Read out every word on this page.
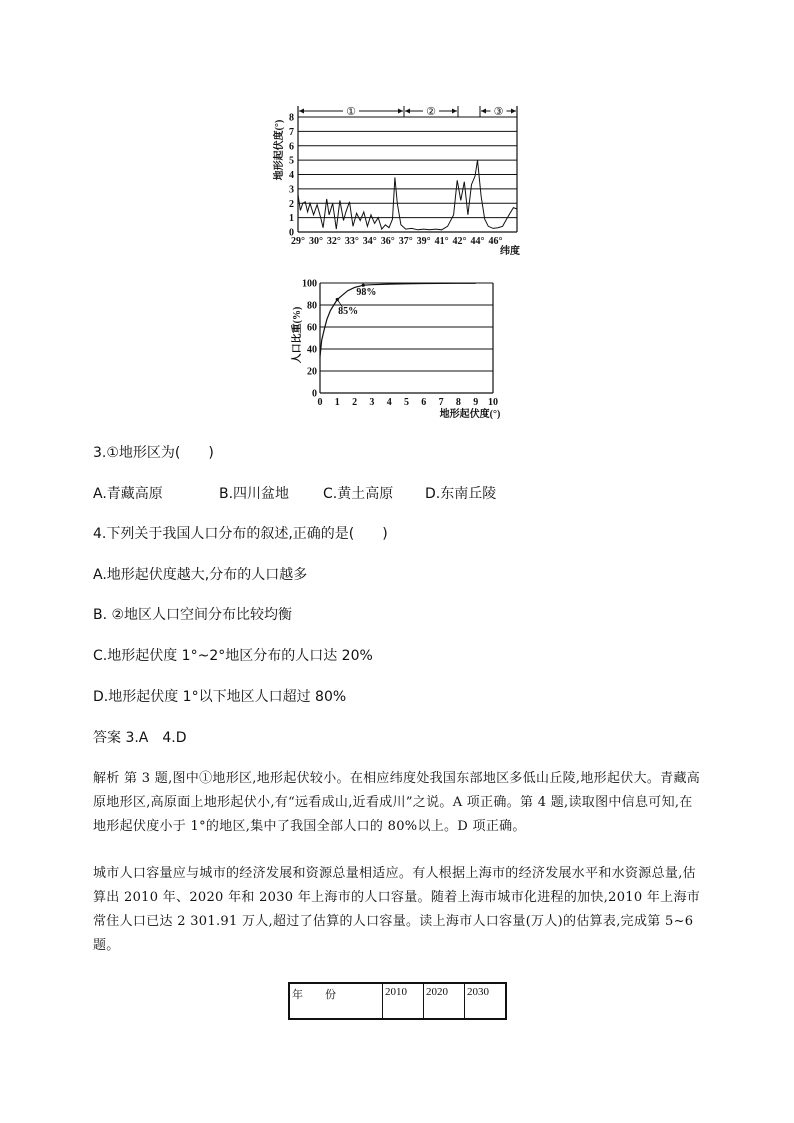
①	②	③
0
1
2
3
4
5
6
7
8
29° 30° 32° 33° 34° 36° 37° 39° 41° 42° 44° 46°
地形起伏度(°)
纬度
0
20
40
60
80
100
0 1 2 3 4 5 6 7 8 9 10
85%
98%
人口比重(%)
地形起伏度(°)
3.①地形区为(　　)
A.青藏高原	B.四川盆地 C.黄土高原 D.东南丘陵
4.下列关于我国人口分布的叙述,正确的是(　　)
A.地形起伏度越大,分布的人口越多
B. ②地区人口空间分布比较均衡
C.地形起伏度 1°~2°地区分布的人口达 20%
D.地形起伏度 1°以下地区人口超过 80%
答案 3.A　4.D
解析 第 3 题,图中①地形区,地形起伏较小。在相应纬度处我国东部地区多低山丘陵,地形起伏大。青藏高原地形区,高原面上地形起伏小,有“远看成山,近看成川”之说。A 项正确。第 4 题,读取图中信息可知,在地形起伏度小于 1°的地区,集中了我国全部人口的 80%以上。D 项正确。
城市人口容量应与城市的经济发展和资源总量相适应。有人根据上海市的经济发展水平和水资源总量,估算出 2010 年、2020 年和 2030 年上海市的人口容量。随着上海市城市化进程的加快,2010 年上海市常住人口已达 2 301.91 万人,超过了估算的人口容量。读上海市人口容量(万人)的估算表,完成第 5~6 题。
年　　份	2010	2020	2030
